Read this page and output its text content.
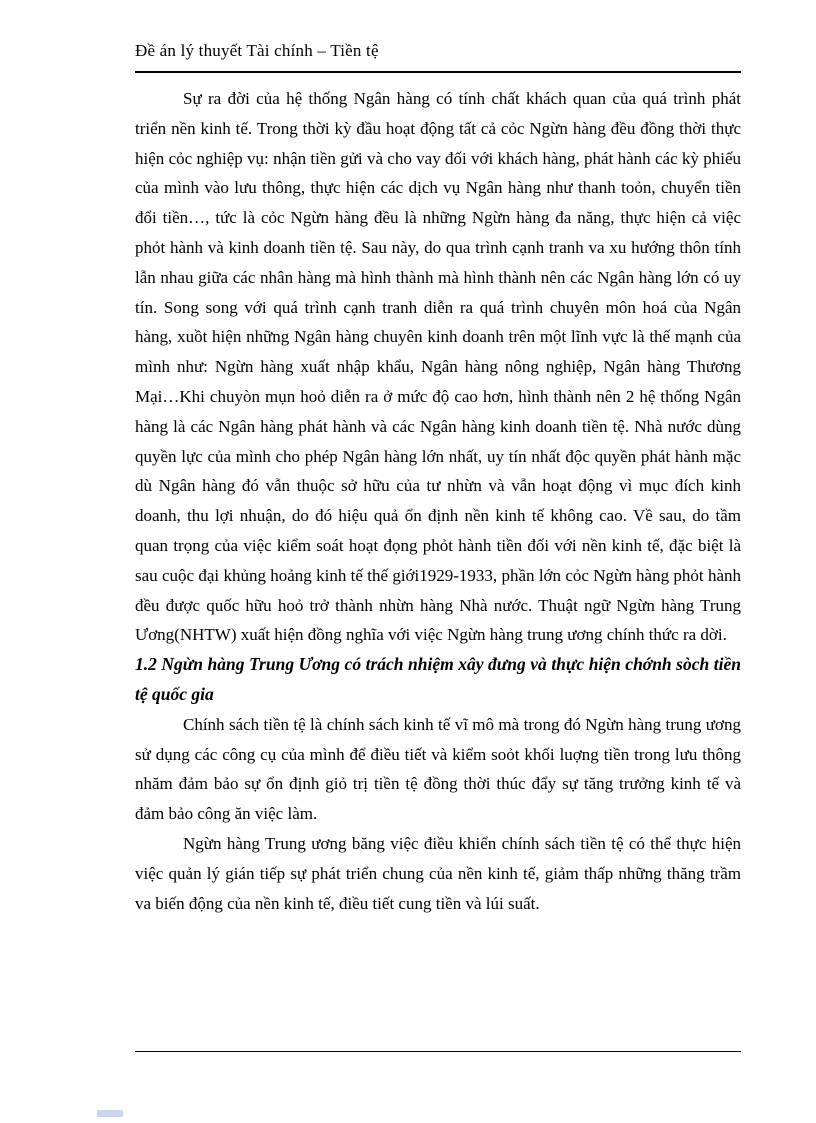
Đề án lý thuyết Tài chính – Tiền tệ

Sự ra đời của hệ thống Ngân hàng có tính chất khách quan của quá trình phát triển nền kinh tế. Trong thời kỳ đầu hoạt động tất cả cỏc Ngừn hàng đều đồng thời thực hiện cỏc nghiệp vụ: nhận tiền gửi và cho vay đối với khách hàng, phát hành các kỳ phiếu của mình vào lưu thông, thực hiện các dịch vụ Ngân hàng như thanh toỏn, chuyển tiền đổi tiền…, tức là cỏc Ngừn hàng đều là những Ngừn hàng đa năng, thực hiện cả việc phỏt hành và kinh doanh tiền tệ. Sau này, do qua trình cạnh tranh va xu hướng thôn tính lẫn nhau giữa các nhân hàng mà hình thành mà hình thành nên các Ngân hàng lớn có uy tín. Song song với quá trình cạnh tranh diễn ra quá trình chuyên môn hoá của Ngân hàng, xuồt hiện những Ngân hàng chuyên kinh doanh trên một lĩnh vực là thế mạnh của mình như: Ngừn hàng xuất nhập khẩu, Ngân hàng nông nghiệp, Ngân hàng Thương Mại…Khi chuyòn mụn hoỏ diễn ra ở mức độ cao hơn, hình thành nên 2 hệ thống Ngân hàng là các Ngân hàng phát hành và các Ngân hàng kinh doanh tiền tệ. Nhà nước dùng quyền lực của mình cho phép Ngân hàng lớn nhất, uy tín nhất độc quyền phát hành mặc dù Ngân hàng đó vẫn thuộc sở hữu của tư nhừn và vẫn hoạt động vì mục đích kinh doanh, thu lợi nhuận, do đó hiệu quả ổn định nền kinh tế không cao. Về sau, do tầm quan trọng của việc kiểm soát hoạt đọng phỏt hành tiền đối với nền kinh tế, đặc biệt là sau cuộc đại khủng hoảng kinh tế thế giới1929-1933, phần lớn cỏc Ngừn hàng phỏt hành đều được quốc hữu hoỏ trở thành nhừn hàng Nhà nước. Thuật ngữ Ngừn hàng Trung Ương(NHTW) xuất hiện đồng nghĩa với việc Ngừn hàng trung ương chính thức ra dời.

1.2 Ngừn hàng Trung Ương có trách nhiệm xây đưng và thực hiện chớnh sòch tiền tệ quốc gia

Chính sách tiền tệ là chính sách kinh tế vĩ mô mà trong đó Ngừn hàng trung ương sử dụng các công cụ của mình để điều tiết và kiểm soỏt khối luợng tiền trong lưu thông nhăm đảm bảo sự ổn định giỏ trị tiền tệ đồng thời thúc đẩy sự tăng trưởng kinh tế và đảm bảo công ăn việc làm.

Ngừn hàng Trung ương băng việc điều khiển chính sách tiền tệ có thể thực hiện việc quản lý gián tiếp sự phát triển chung của nền kinh tế, giảm thấp những thăng trầm va biến động của nền kinh tế, điều tiết cung tiền và lúi suất.
